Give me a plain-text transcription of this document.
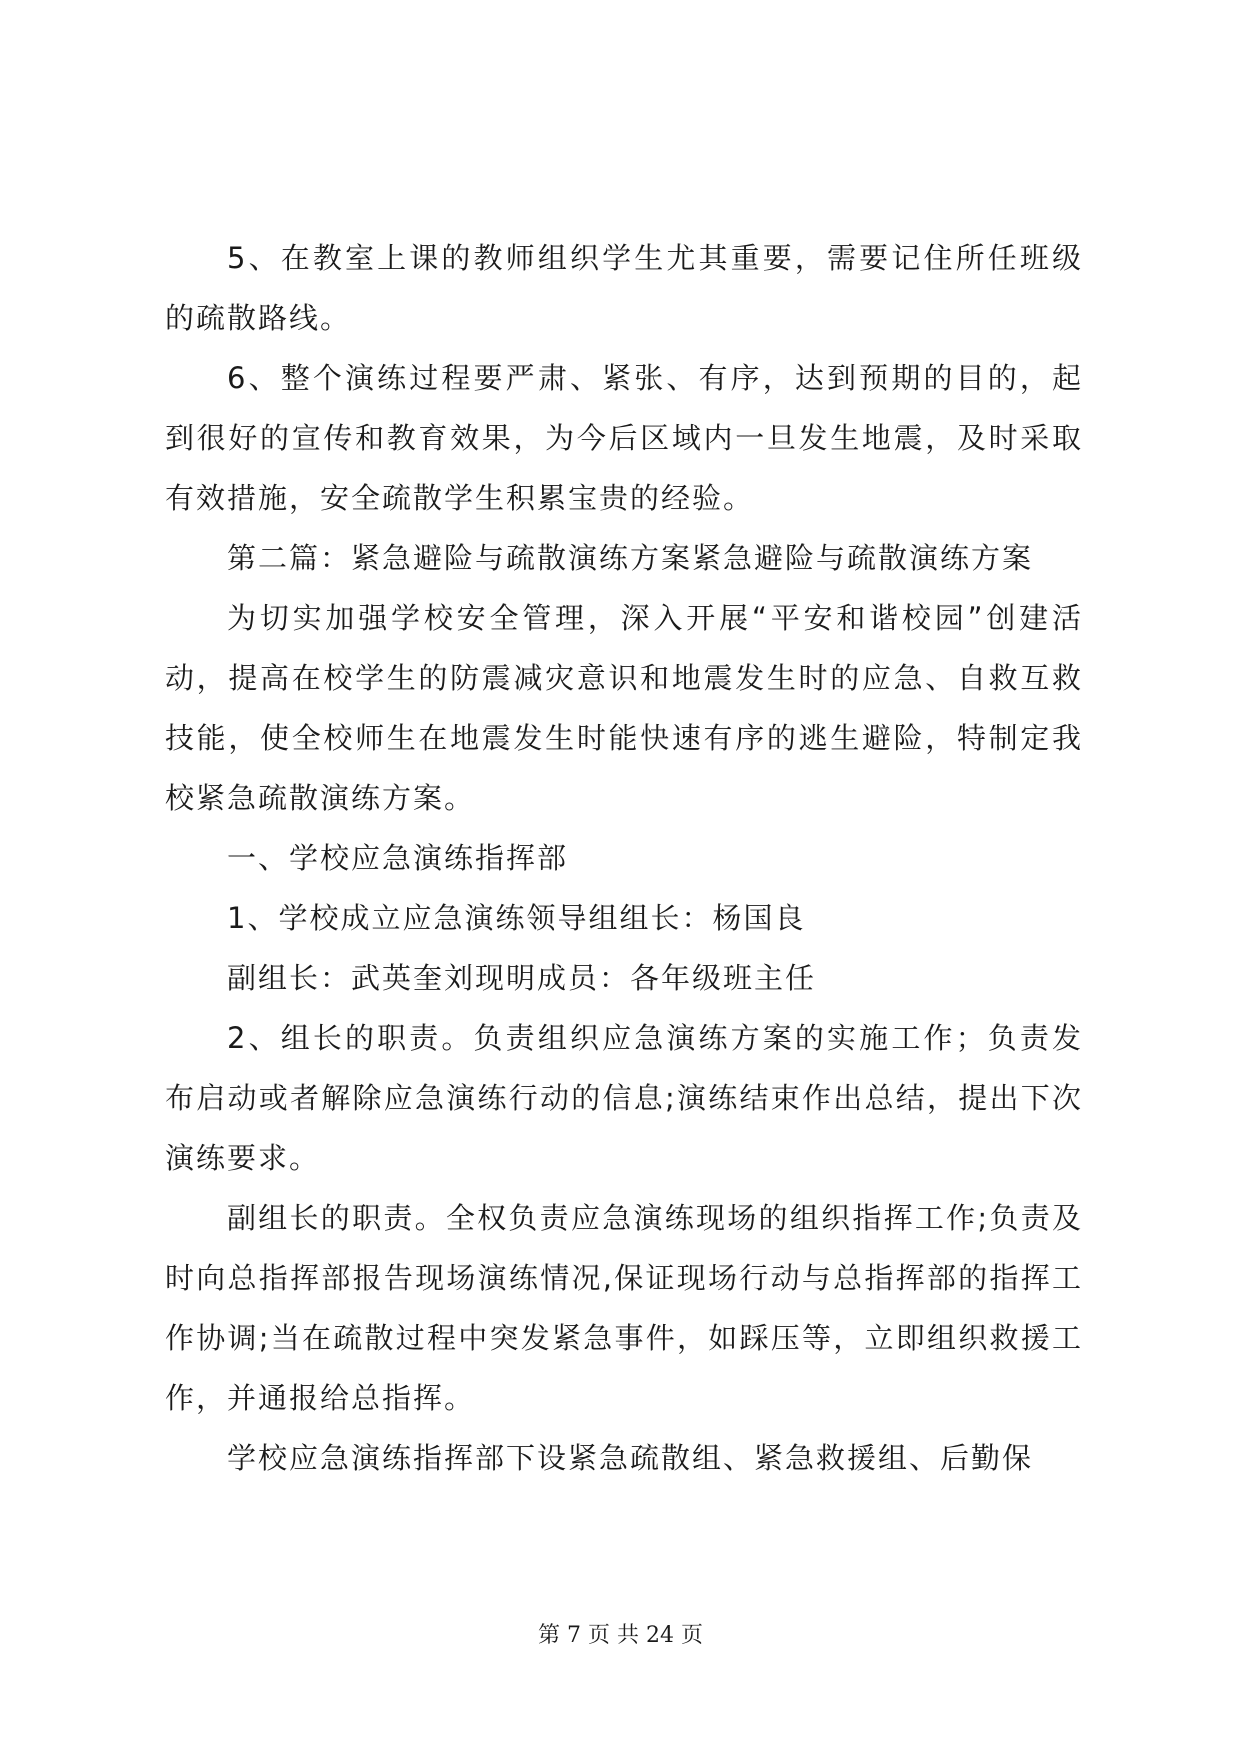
5、在教室上课的教师组织学生尤其重要，需要记住所任班级的疏散路线。

6、整个演练过程要严肃、紧张、有序，达到预期的目的，起到很好的宣传和教育效果，为今后区域内一旦发生地震，及时采取有效措施，安全疏散学生积累宝贵的经验。

第二篇：紧急避险与疏散演练方案紧急避险与疏散演练方案

为切实加强学校安全管理，深入开展“平安和谐校园”创建活动，提高在校学生的防震减灾意识和地震发生时的应急、自救互救技能，使全校师生在地震发生时能快速有序的逃生避险，特制定我校紧急疏散演练方案。

一、学校应急演练指挥部

1、学校成立应急演练领导组组长：杨国良

副组长：武英奎刘现明成员：各年级班主任

2、组长的职责。负责组织应急演练方案的实施工作；负责发布启动或者解除应急演练行动的信息;演练结束作出总结，提出下次演练要求。

副组长的职责。全权负责应急演练现场的组织指挥工作;负责及时向总指挥部报告现场演练情况,保证现场行动与总指挥部的指挥工作协调;当在疏散过程中突发紧急事件，如踩压等，立即组织救援工作，并通报给总指挥。

学校应急演练指挥部下设紧急疏散组、紧急救援组、后勤保

第 7 页 共 24 页
